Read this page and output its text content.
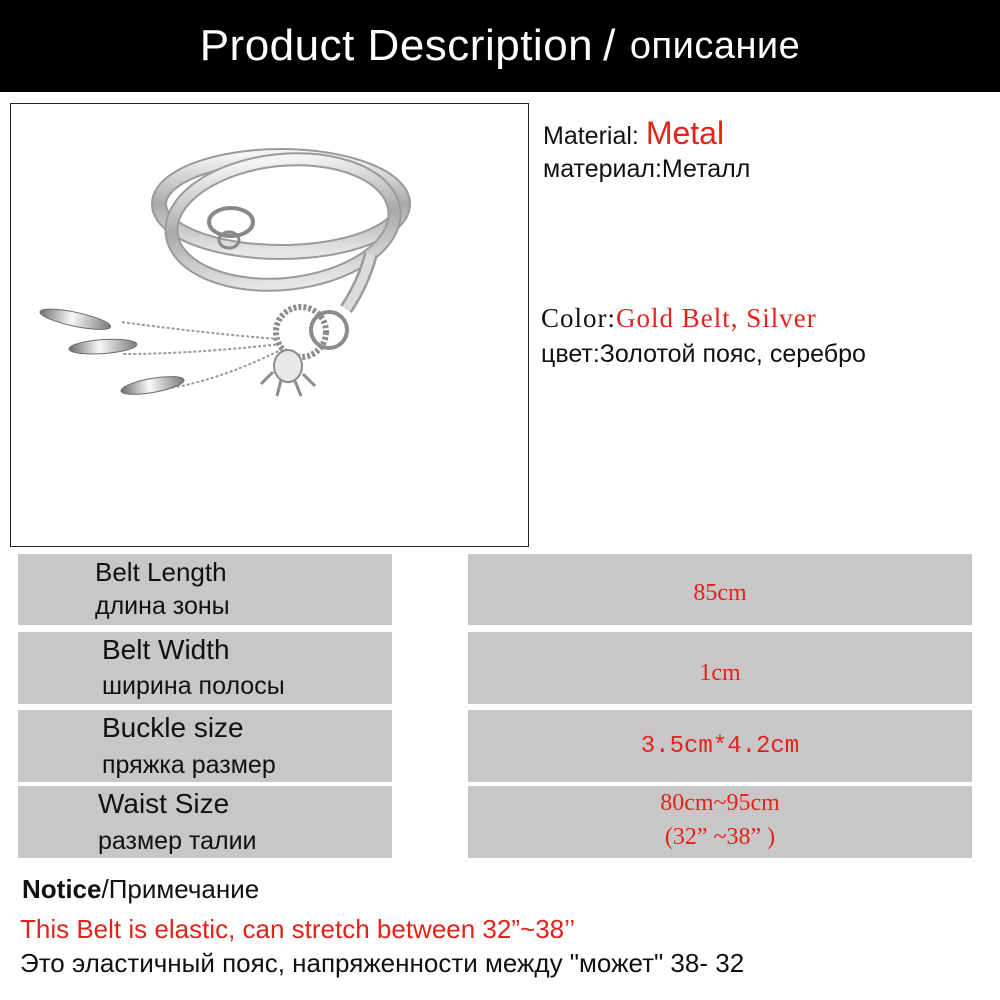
Product Description / описание
Material: Metal
материал:Металл
Color:Gold Belt, Silver
цвет:Золотой пояс, серебро
Belt Length
длина зоны	85cm
Belt Width
ширина полосы	1cm
Buckle size
пряжка размер
3.5cm*4.2cm
Waist Size
размер талии
80cm~95cm
(32” ~38” )
Notice/Примечание
This Belt is elastic, can stretch between 32”~38’’
Это эластичный пояс, напряженности между "может" 38- 32
